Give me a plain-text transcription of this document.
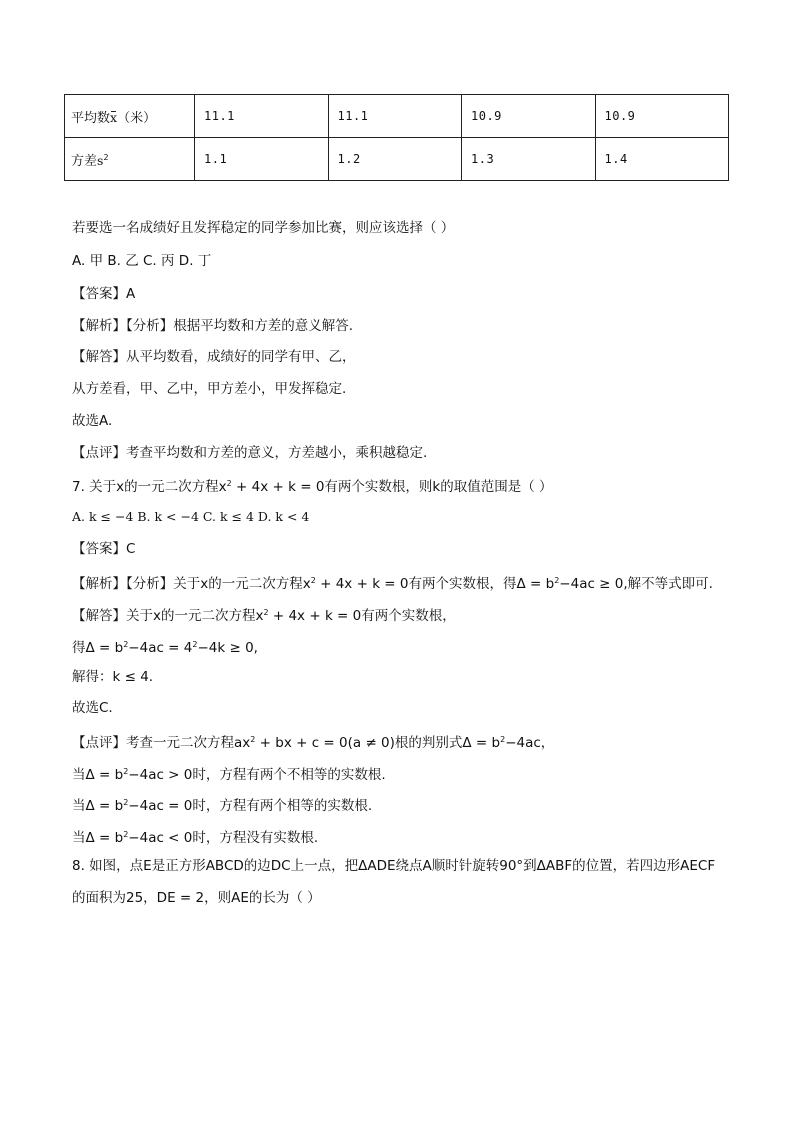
平均数x（米）	11.1	11.1	10.9	10.9
方差$s^2$	1.1	1.2	1.3	1.4
若要选一名成绩好且发挥稳定的同学参加比赛，则应该选择（ ）
A. 甲 B. 乙 C. 丙 D. 丁
【答案】A
【解析】【分析】根据平均数和方差的意义解答.
【解答】从平均数看，成绩好的同学有甲、乙，
从方差看，甲、乙中，甲方差小，甲发挥稳定.
故选A.
【点评】考查平均数和方差的意义，方差越小，乘积越稳定.
7. 关于x的一元二次方程$x^2 + 4x + k = 0$有两个实数根，则k的取值范围是（ ）
A. k ≤ −4 B. k < −4 C. k ≤ 4 D. k < 4
【答案】C
【解析】【分析】关于x的一元二次方程$x^2 + 4x + k = 0$有两个实数根，得$\Delta = b^2-4ac \ge 0$,解不等式即可.
【解答】关于x的一元二次方程$x^2 + 4x + k = 0$有两个实数根，
得$\Delta = b^2-4ac = 4^2-4k \ge 0$,
解得：k ≤ 4.
故选C.
【点评】考查一元二次方程$ax^2$ + bx + c = 0(a ≠ 0)根的判别式$\Delta = b^2-4ac$，
当$\Delta = b^2-4ac > 0$时，方程有两个不相等的实数根.
当$\Delta = b^2-4ac = 0$时，方程有两个相等的实数根.
当$\Delta = b^2-4ac < 0$时，方程没有实数根.
8. 如图，点E是正方形ABCD的边DC上一点，把ΔADE绕点A顺时针旋转90°到ΔABF的位置，若四边形AECF
的面积为25，DE = 2，则AE的长为（ ）
